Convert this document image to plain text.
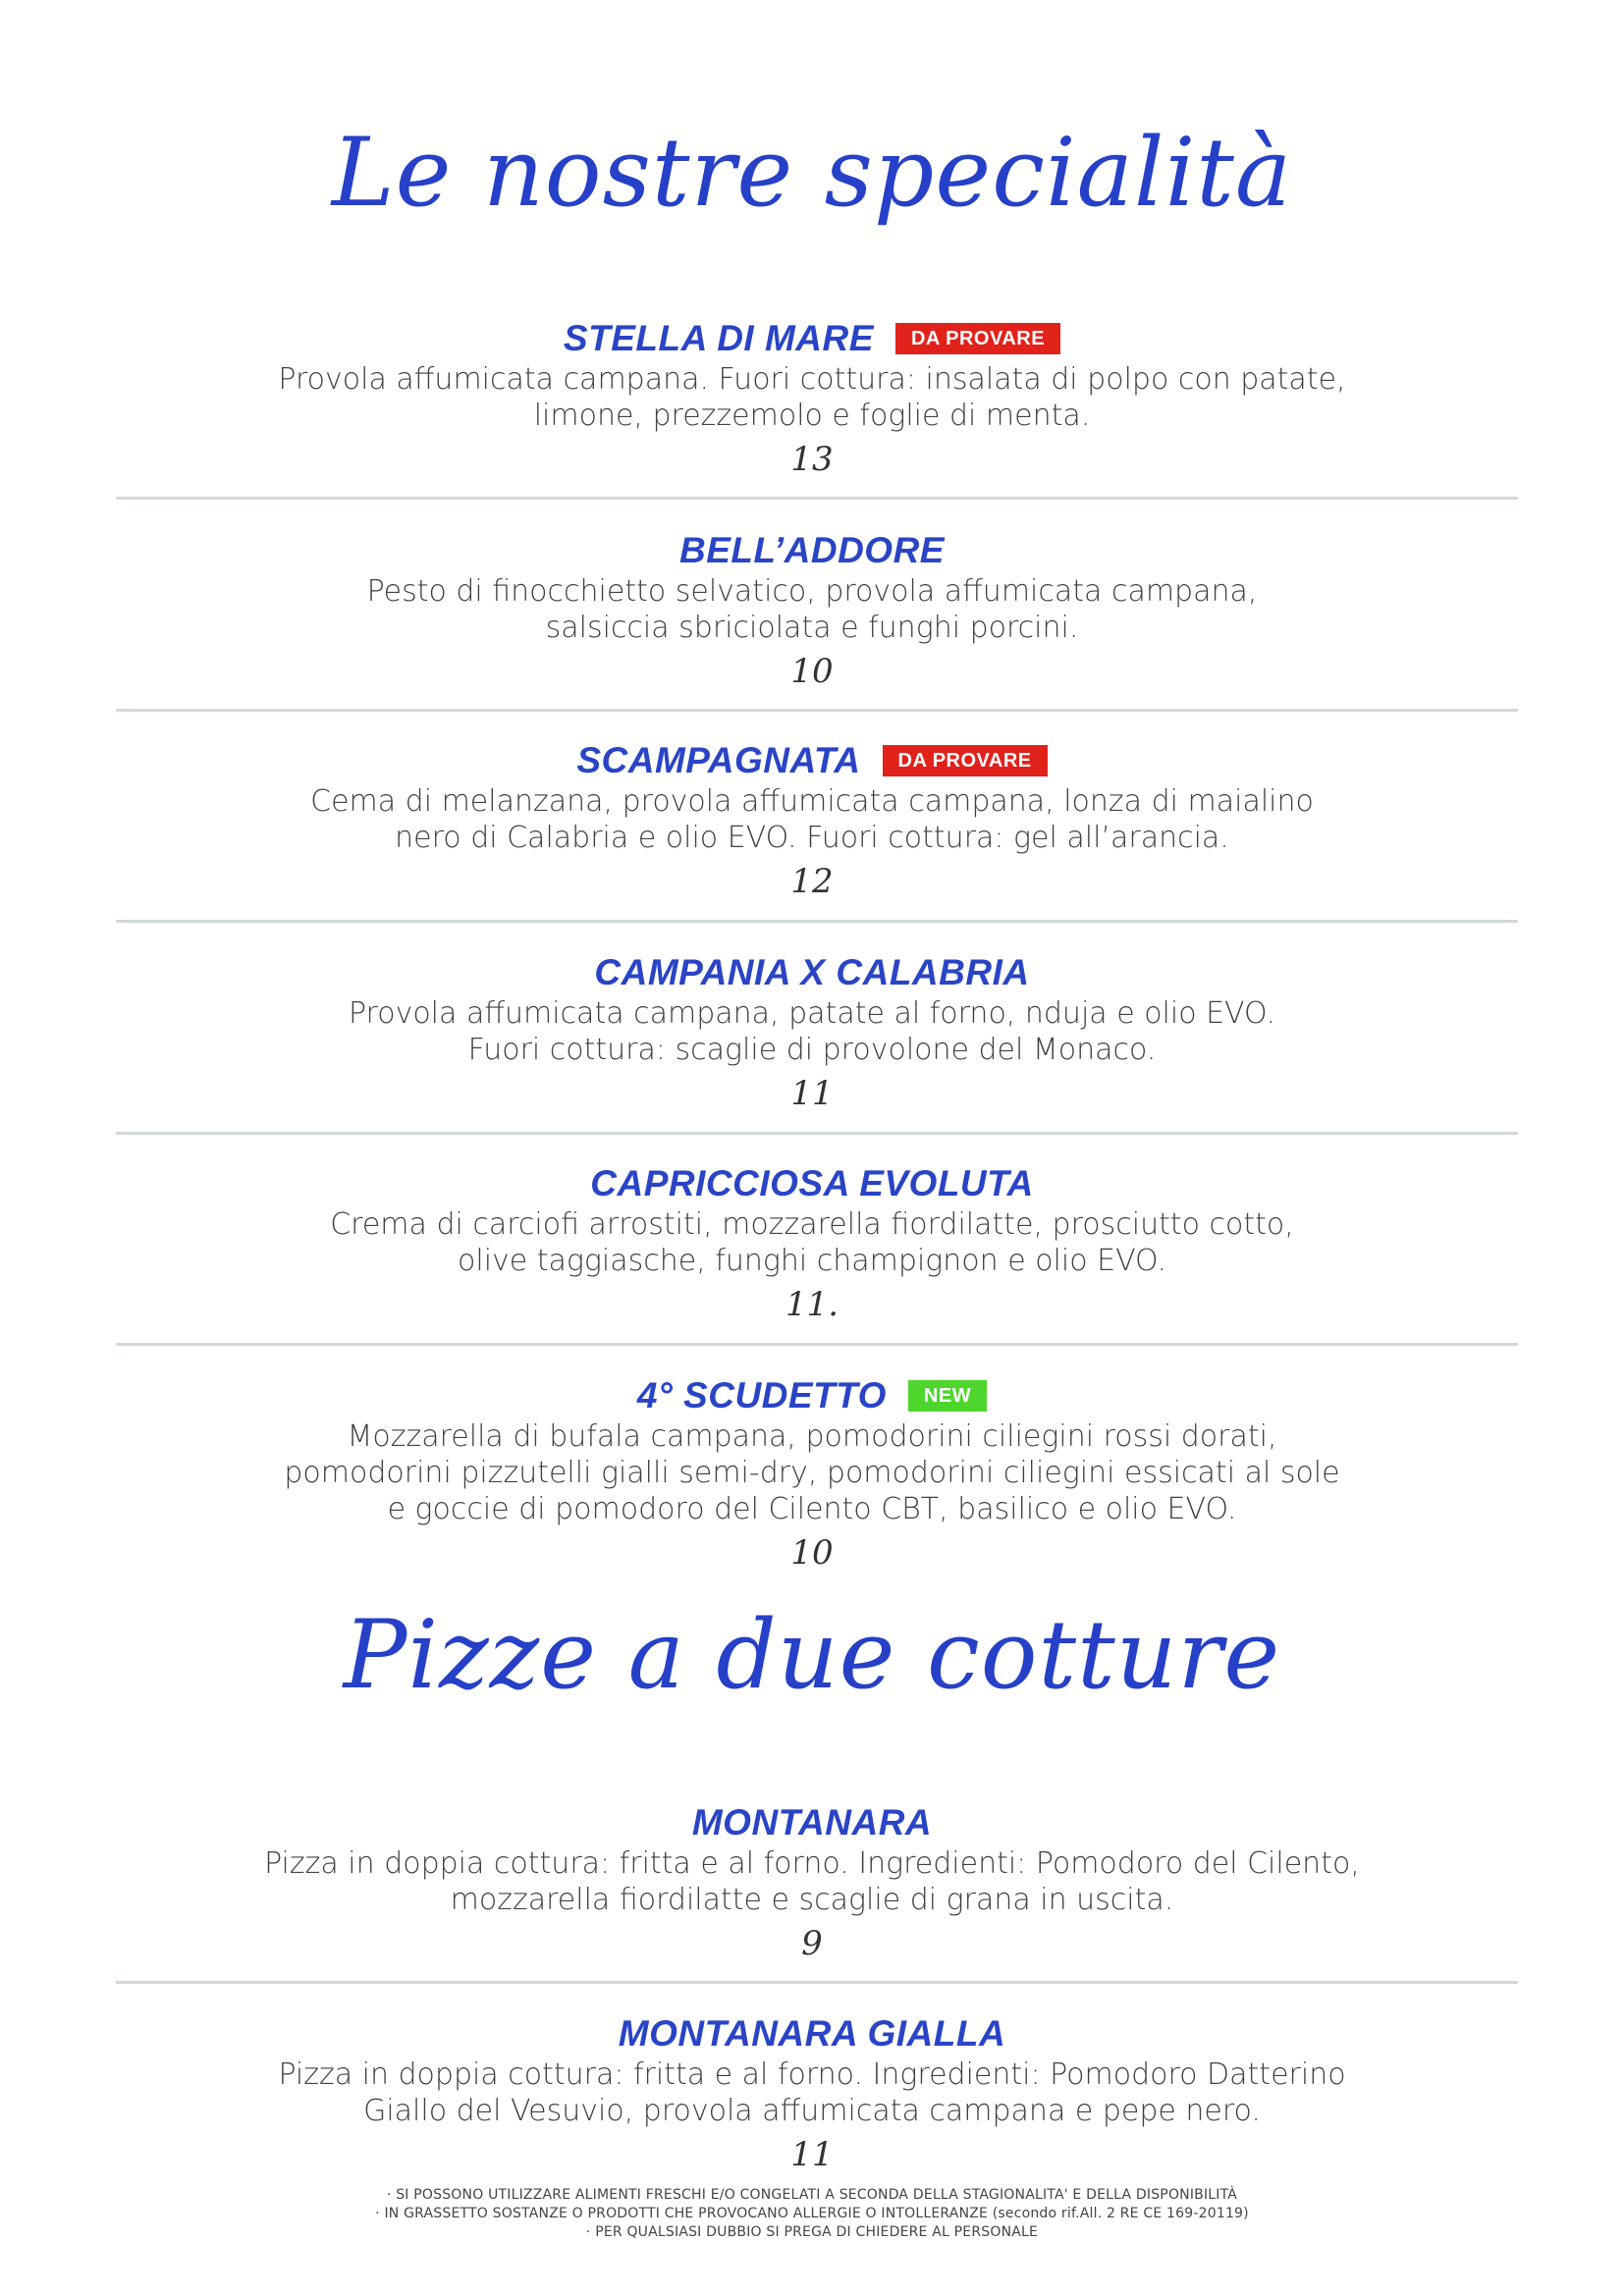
Le nostre specialità
STELLA DI MARE	DA PROVARE
Provola affumicata campana. Fuori cottura: insalata di polpo con patate,
limone, prezzemolo e foglie di menta.
13
BELL’ADDORE
Pesto di finocchietto selvatico, provola affumicata campana,
salsiccia sbriciolata e funghi porcini.
10
SCAMPAGNATA	DA PROVARE
Cema di melanzana, provola affumicata campana, lonza di maialino
nero di Calabria e olio EVO. Fuori cottura: gel all’arancia.
12
CAMPANIA X CALABRIA
Provola affumicata campana, patate al forno, nduja e olio EVO.
Fuori cottura: scaglie di provolone del Monaco.
11
CAPRICCIOSA EVOLUTA
Crema di carciofi arrostiti, mozzarella fiordilatte, prosciutto cotto,
olive taggiasche, funghi champignon e olio EVO.
11.
4° SCUDETTO	NEW
Mozzarella di bufala campana, pomodorini ciliegini rossi dorati,
pomodorini pizzutelli gialli semi-dry, pomodorini ciliegini essicati al sole
e goccie di pomodoro del Cilento CBT, basilico e olio EVO.
10
Pizze a due cotture
MONTANARA
Pizza in doppia cottura: fritta e al forno. Ingredienti: Pomodoro del Cilento,
mozzarella fiordilatte e scaglie di grana in uscita.
9
MONTANARA GIALLA
Pizza in doppia cottura: fritta e al forno. Ingredienti: Pomodoro Datterino
Giallo del Vesuvio, provola affumicata campana e pepe nero.
11
· SI POSSONO UTILIZZARE ALIMENTI FRESCHI E/O CONGELATI A SECONDA DELLA STAGIONALITA' E DELLA DISPONIBILITÀ
· IN GRASSETTO SOSTANZE O PRODOTTI CHE PROVOCANO ALLERGIE O INTOLLERANZE (secondo rif.All. 2 RE CE 169-20119)
· PER QUALSIASI DUBBIO SI PREGA DI CHIEDERE AL PERSONALE
